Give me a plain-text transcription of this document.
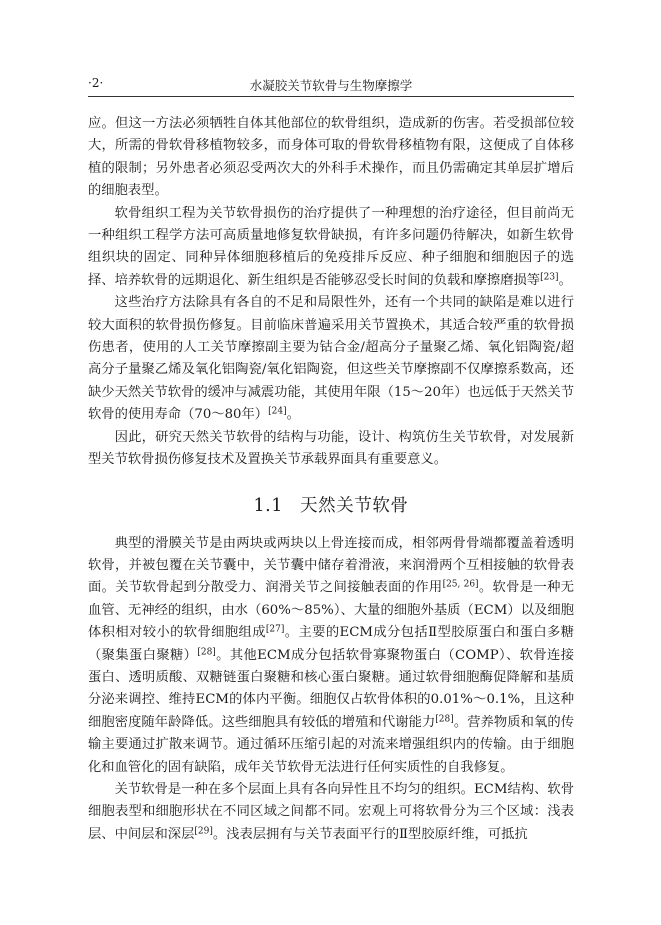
·2·	水凝胶关节软骨与生物摩擦学

应。但这一方法必须牺牲自体其他部位的软骨组织，造成新的伤害。若受损部位较大，所需的骨软骨移植物较多，而身体可取的骨软骨移植物有限，这便成了自体移植的限制；另外患者必须忍受两次大的外科手术操作，而且仍需确定其单层扩增后的细胞表型。

软骨组织工程为关节软骨损伤的治疗提供了一种理想的治疗途径，但目前尚无一种组织工程学方法可高质量地修复软骨缺损，有许多问题仍待解决，如新生软骨组织块的固定、同种异体细胞移植后的免疫排斥反应、种子细胞和细胞因子的选择、培养软骨的远期退化、新生组织是否能够忍受长时间的负载和摩擦磨损等[23]。

这些治疗方法除具有各自的不足和局限性外，还有一个共同的缺陷是难以进行较大面积的软骨损伤修复。目前临床普遍采用关节置换术，其适合较严重的软骨损伤患者，使用的人工关节摩擦副主要为钴合金/超高分子量聚乙烯、氧化铝陶瓷/超高分子量聚乙烯及氧化铝陶瓷/氧化铝陶瓷，但这些关节摩擦副不仅摩擦系数高，还缺少天然关节软骨的缓冲与减震功能，其使用年限（15～20年）也远低于天然关节软骨的使用寿命（70～80年）[24]。

因此，研究天然关节软骨的结构与功能，设计、构筑仿生关节软骨，对发展新型关节软骨损伤修复技术及置换关节承载界面具有重要意义。

1.1 天然关节软骨

典型的滑膜关节是由两块或两块以上骨连接而成，相邻两骨骨端都覆盖着透明软骨，并被包覆在关节囊中，关节囊中储存着滑液，来润滑两个互相接触的软骨表面。关节软骨起到分散受力、润滑关节之间接触表面的作用[25, 26]。软骨是一种无血管、无神经的组织，由水（60%～85%）、大量的细胞外基质（ECM）以及细胞体积相对较小的软骨细胞组成[27]。主要的ECM成分包括Ⅱ型胶原蛋白和蛋白多糖（聚集蛋白聚糖）[28]。其他ECM成分包括软骨寡聚物蛋白（COMP）、软骨连接蛋白、透明质酸、双糖链蛋白聚糖和核心蛋白聚糖。通过软骨细胞酶促降解和基质分泌来调控、维持ECM的体内平衡。细胞仅占软骨体积的0.01%～0.1%，且这种细胞密度随年龄降低。这些细胞具有较低的增殖和代谢能力[28]。营养物质和氧的传输主要通过扩散来调节。通过循环压缩引起的对流来增强组织内的传输。由于细胞化和血管化的固有缺陷，成年关节软骨无法进行任何实质性的自我修复。

关节软骨是一种在多个层面上具有各向异性且不均匀的组织。ECM结构、软骨细胞表型和细胞形状在不同区域之间都不同。宏观上可将软骨分为三个区域：浅表层、中间层和深层[29]。浅表层拥有与关节表面平行的Ⅱ型胶原纤维，可抵抗
